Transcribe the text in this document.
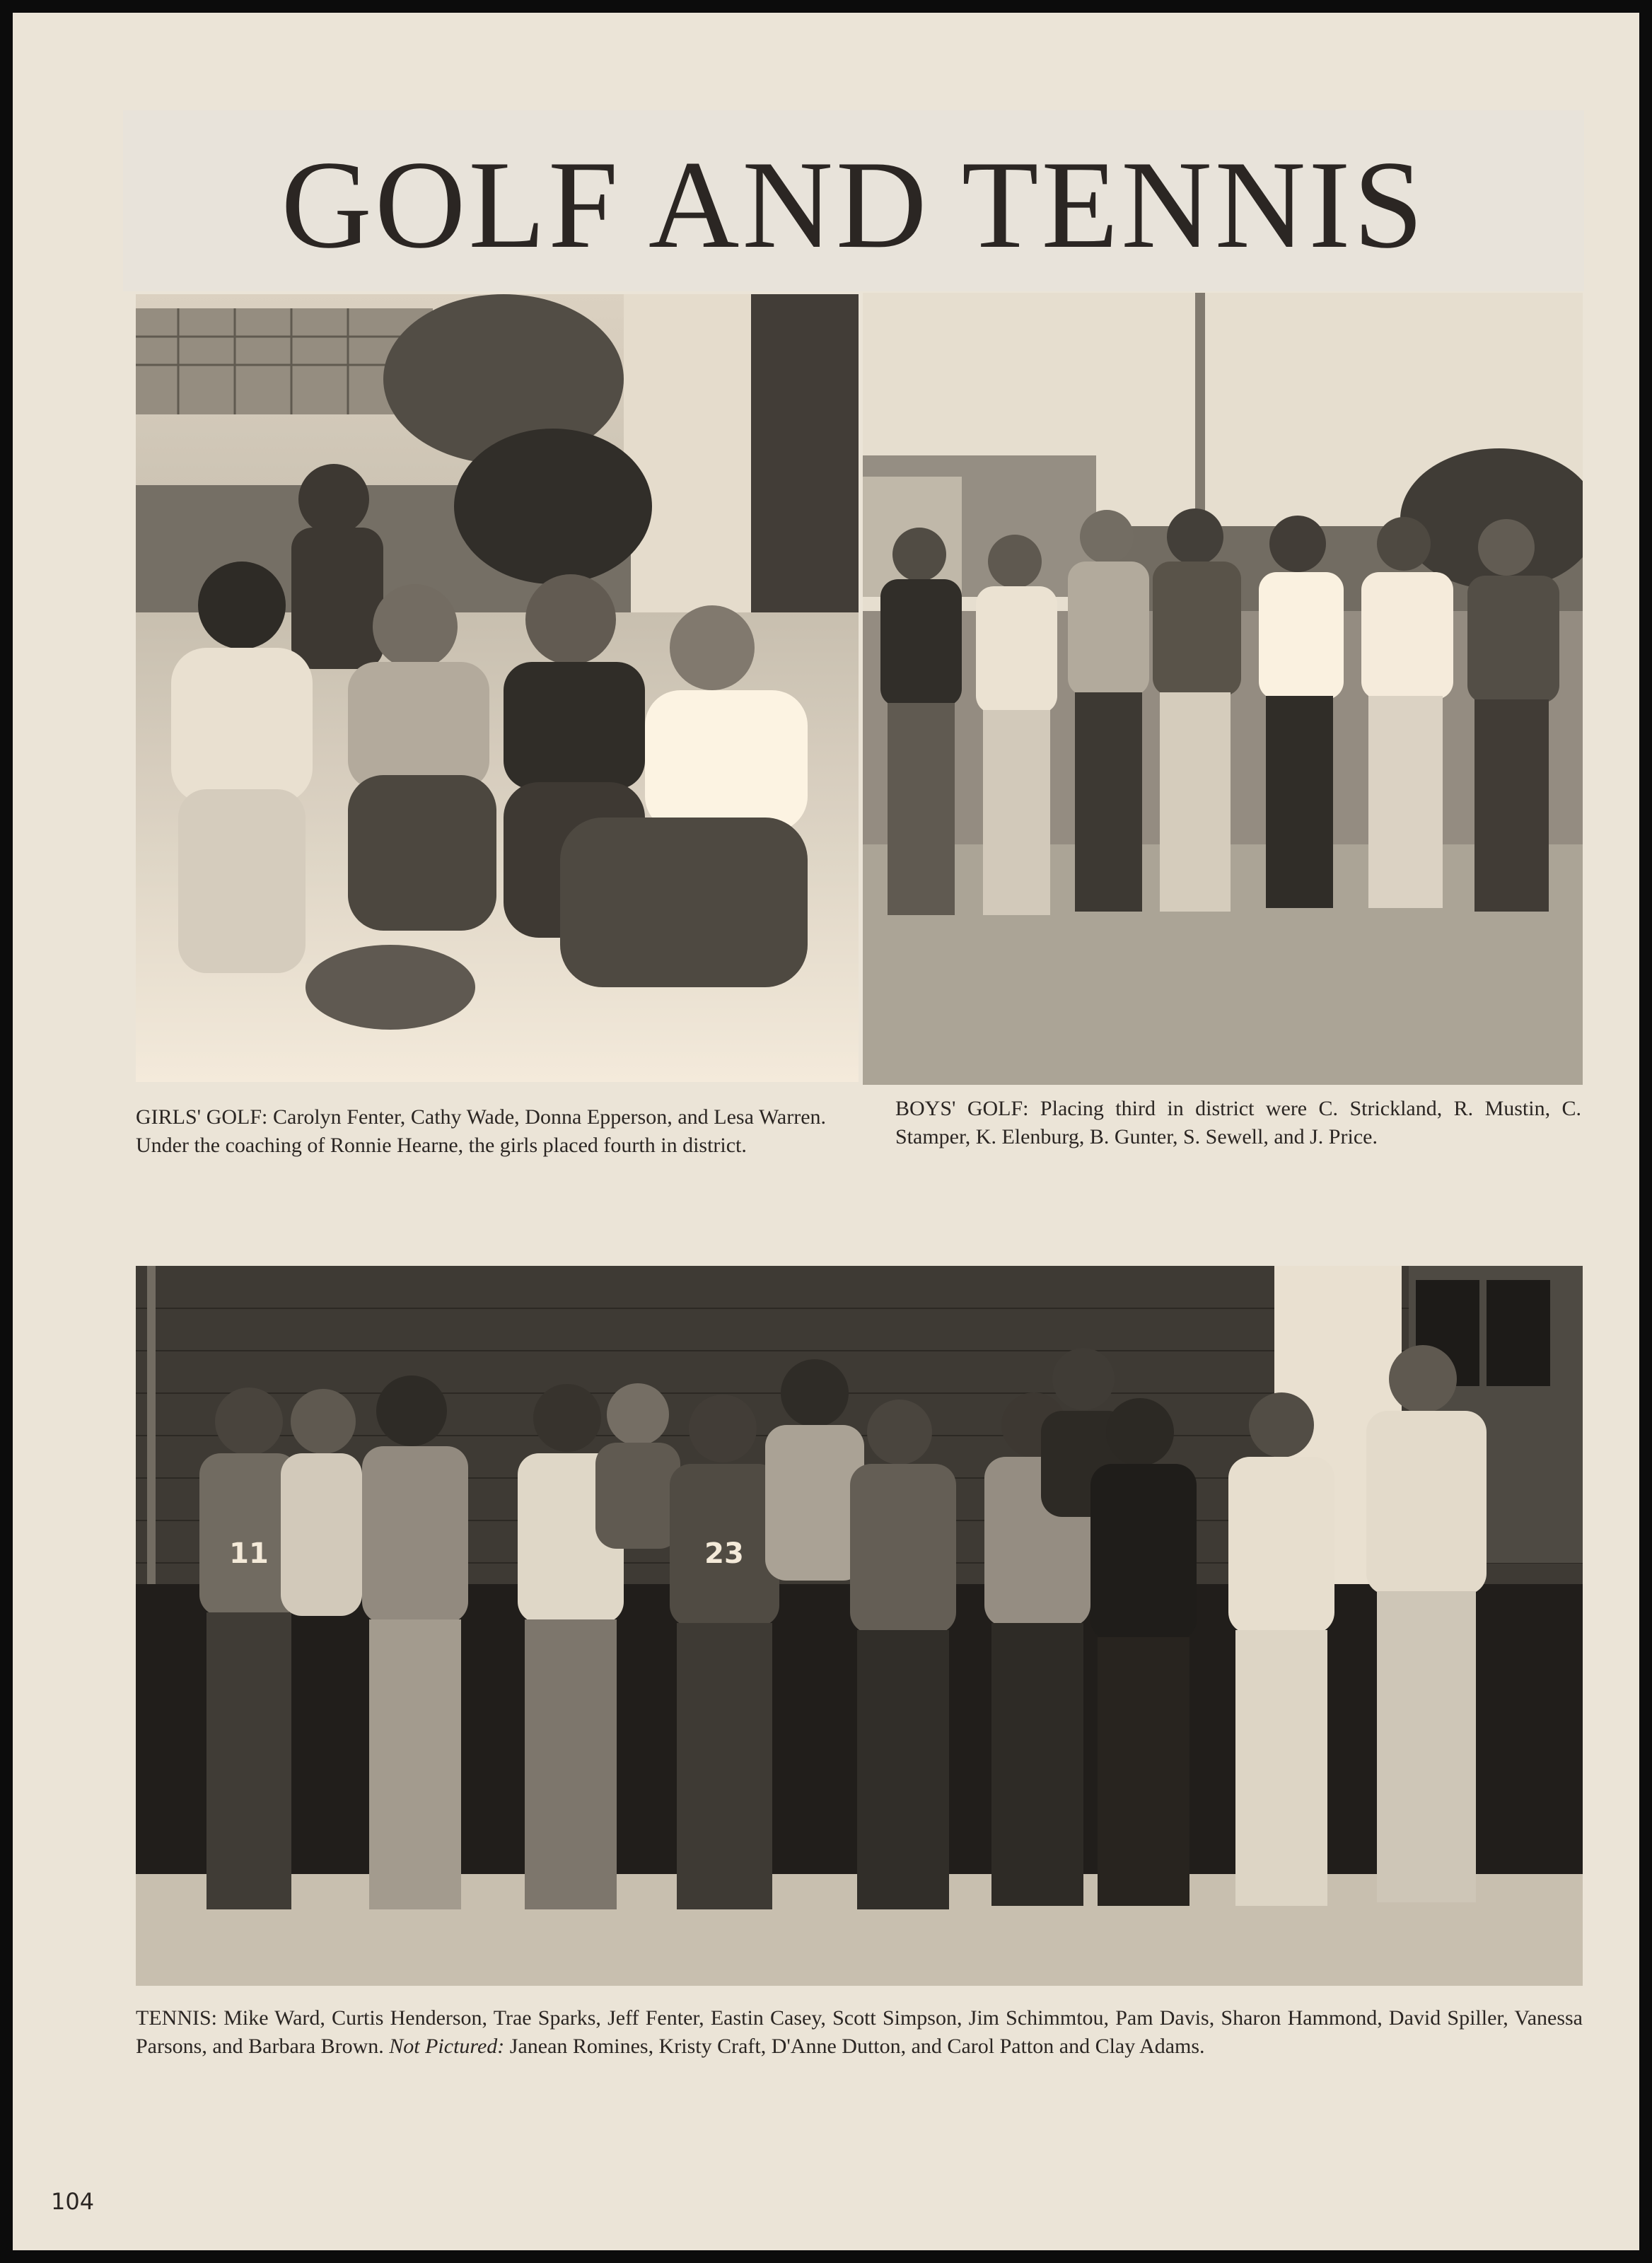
GOLF AND TENNIS
GIRLS' GOLF: Carolyn Fenter, Cathy Wade, Donna Epperson, and Lesa Warren. Under the coaching of Ronnie Hearne, the girls placed fourth in district.
BOYS' GOLF: Placing third in district were C. Strickland, R. Mustin, C. Stamper, K. Elenburg, B. Gunter, S. Sewell, and J. Price.
11	23
TENNIS: Mike Ward, Curtis Henderson, Trae Sparks, Jeff Fenter, Eastin Casey, Scott Simpson, Jim Schimmtou, Pam Davis, Sharon Hammond, David Spiller, Vanessa Parsons, and Barbara Brown. Not Pictured: Janean Romines, Kristy Craft, D'Anne Dutton, and Carol Patton and Clay Adams.
104
